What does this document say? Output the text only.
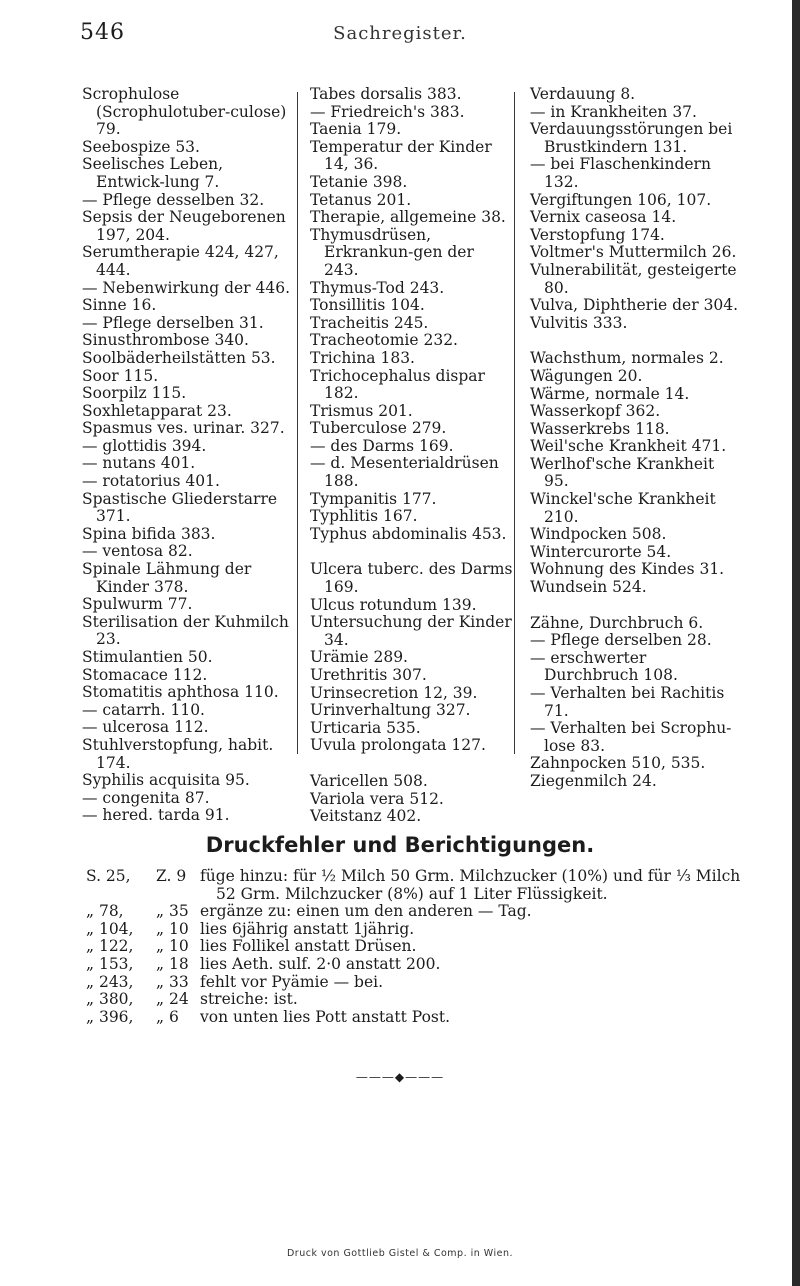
546	Sachregister.
Scrophulose (Scrophulotuber-culose) 79.
Seebospize 53.
Seelisches Leben, Entwick-lung 7.
— Pflege desselben 32.
Sepsis der Neugeborenen 197, 204.
Serumtherapie 424, 427, 444.
— Nebenwirkung der 446.
Sinne 16.
— Pflege derselben 31.
Sinusthrombose 340.
Soolbäderheilstätten 53.
Soor 115.
Soorpilz 115.
Soxhletapparat 23.
Spasmus ves. urinar. 327.
— glottidis 394.
— nutans 401.
— rotatorius 401.
Spastische Gliederstarre 371.
Spina bifida 383.
— ventosa 82.
Spinale Lähmung der Kinder 378.
Spulwurm 77.
Sterilisation der Kuhmilch 23.
Stimulantien 50.
Stomacace 112.
Stomatitis aphthosa 110.
— catarrh. 110.
— ulcerosa 112.
Stuhlverstopfung, habit. 174.
Syphilis acquisita 95.
— congenita 87.
— hered. tarda 91.
Tabes dorsalis 383.
— Friedreich's 383.
Taenia 179.
Temperatur der Kinder 14, 36.
Tetanie 398.
Tetanus 201.
Therapie, allgemeine 38.
Thymusdrüsen, Erkrankun-gen der 243.
Thymus-Tod 243.
Tonsillitis 104.
Tracheitis 245.
Tracheotomie 232.
Trichina 183.
Trichocephalus dispar 182.
Trismus 201.
Tuberculose 279.
— des Darms 169.
— d. Mesenterialdrüsen 188.
Tympanitis 177.
Typhlitis 167.
Typhus abdominalis 453.
Ulcera tuberc. des Darms 169.
Ulcus rotundum 139.
Untersuchung der Kinder 34.
Urämie 289.
Urethritis 307.
Urinsecretion 12, 39.
Urinverhaltung 327.
Urticaria 535.
Uvula prolongata 127.
Varicellen 508.
Variola vera 512.
Veitstanz 402.
Verdauung 8.
— in Krankheiten 37.
Verdauungsstörungen bei Brustkindern 131.
— bei Flaschenkindern 132.
Vergiftungen 106, 107.
Vernix caseosa 14.
Verstopfung 174.
Voltmer's Muttermilch 26.
Vulnerabilität, gesteigerte 80.
Vulva, Diphtherie der 304.
Vulvitis 333.
Wachsthum, normales 2.
Wägungen 20.
Wärme, normale 14.
Wasserkopf 362.
Wasserkrebs 118.
Weil'sche Krankheit 471.
Werlhof'sche Krankheit 95.
Winckel'sche Krankheit 210.
Windpocken 508.
Wintercurorte 54.
Wohnung des Kindes 31.
Wundsein 524.
Zähne, Durchbruch 6.
— Pflege derselben 28.
— erschwerter Durchbruch 108.
— Verhalten bei Rachitis 71.
— Verhalten bei Scrophu-lose 83.
Zahnpocken 510, 535.
Ziegenmilch 24.
Druckfehler und Berichtigungen.
S. 25, Z. 9 füge hinzu: für ½ Milch 50 Grm. Milchzucker (10%) und für ⅓ Milch
52 Grm. Milchzucker (8%) auf 1 Liter Flüssigkeit.
„ 78, „ 35 ergänze zu: einen um den anderen — Tag.
„ 104, „ 10 lies 6jährig anstatt 1jährig.
„ 122, „ 10 lies Follikel anstatt Drüsen.
„ 153, „ 18 lies Aeth. sulf. 2·0 anstatt 200.
„ 243, „ 33 fehlt vor Pyämie — bei.
„ 380, „ 24 streiche: ist.
„ 396, „ 6 von unten lies Pott anstatt Post.
———◆———
Druck von Gottlieb Gistel & Comp. in Wien.
